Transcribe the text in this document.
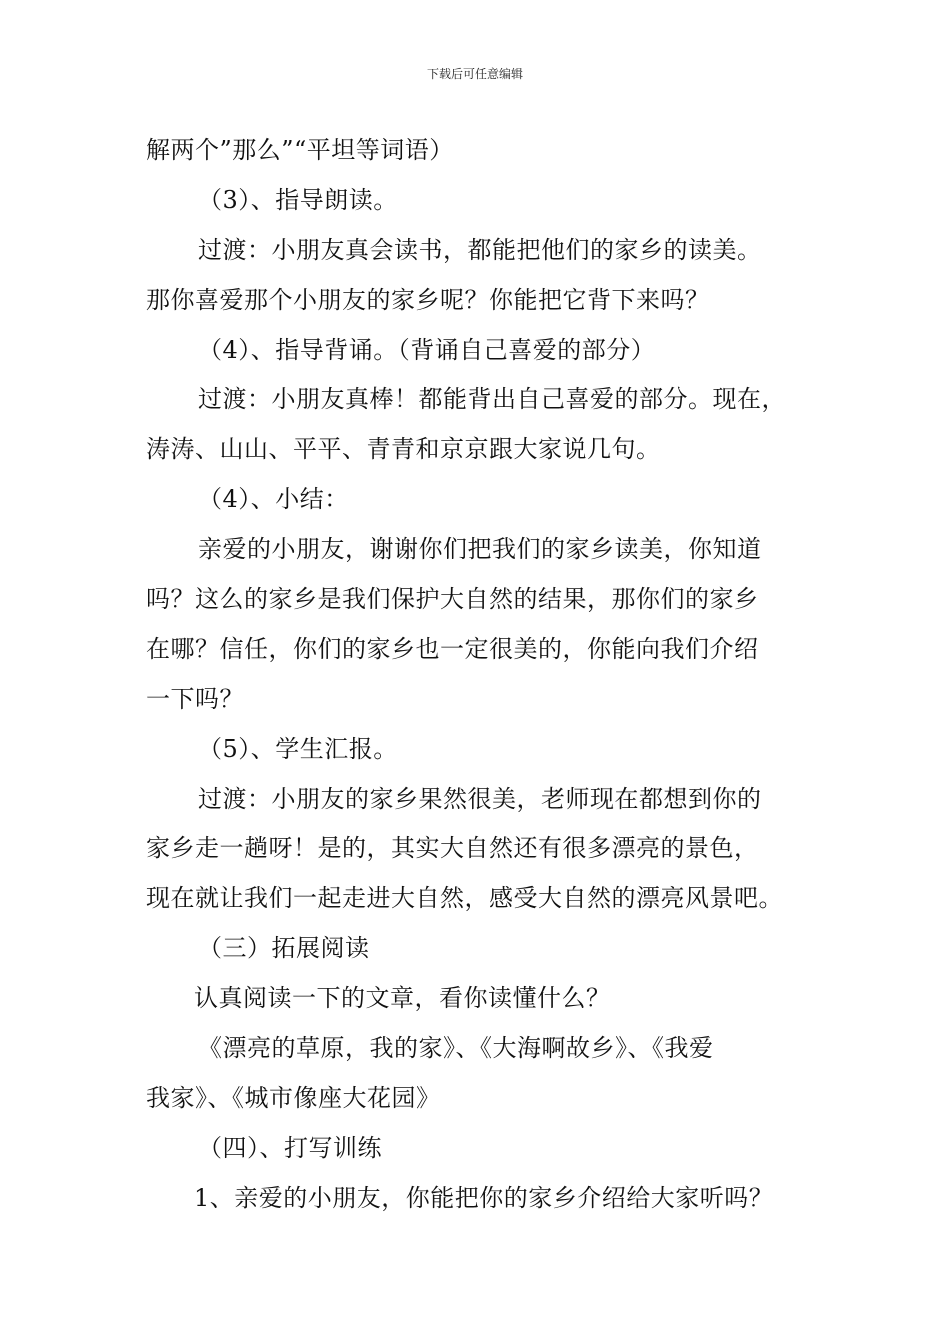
下载后可任意编辑
解两个”那么”“平坦等词语）
（3）、指导朗读。
过渡：小朋友真会读书，都能把他们的家乡的读美。
那你喜爱那个小朋友的家乡呢？你能把它背下来吗？
（4）、指导背诵。（背诵自己喜爱的部分）
过渡：小朋友真棒！都能背出自己喜爱的部分。现在，
涛涛、山山、平平、青青和京京跟大家说几句。
（4）、小结：
亲爱的小朋友，谢谢你们把我们的家乡读美，你知道
吗？这么的家乡是我们保护大自然的结果，那你们的家乡
在哪？信任，你们的家乡也一定很美的，你能向我们介绍
一下吗？
（5）、学生汇报。
过渡：小朋友的家乡果然很美，老师现在都想到你的
家乡走一趟呀！是的，其实大自然还有很多漂亮的景色，
现在就让我们一起走进大自然，感受大自然的漂亮风景吧。
（三）拓展阅读
认真阅读一下的文章，看你读懂什么？
《漂亮的草原，我的家》、《大海啊故乡》、《我爱
我家》、《城市像座大花园》
（四）、打写训练
1、亲爱的小朋友，你能把你的家乡介绍给大家听吗？
